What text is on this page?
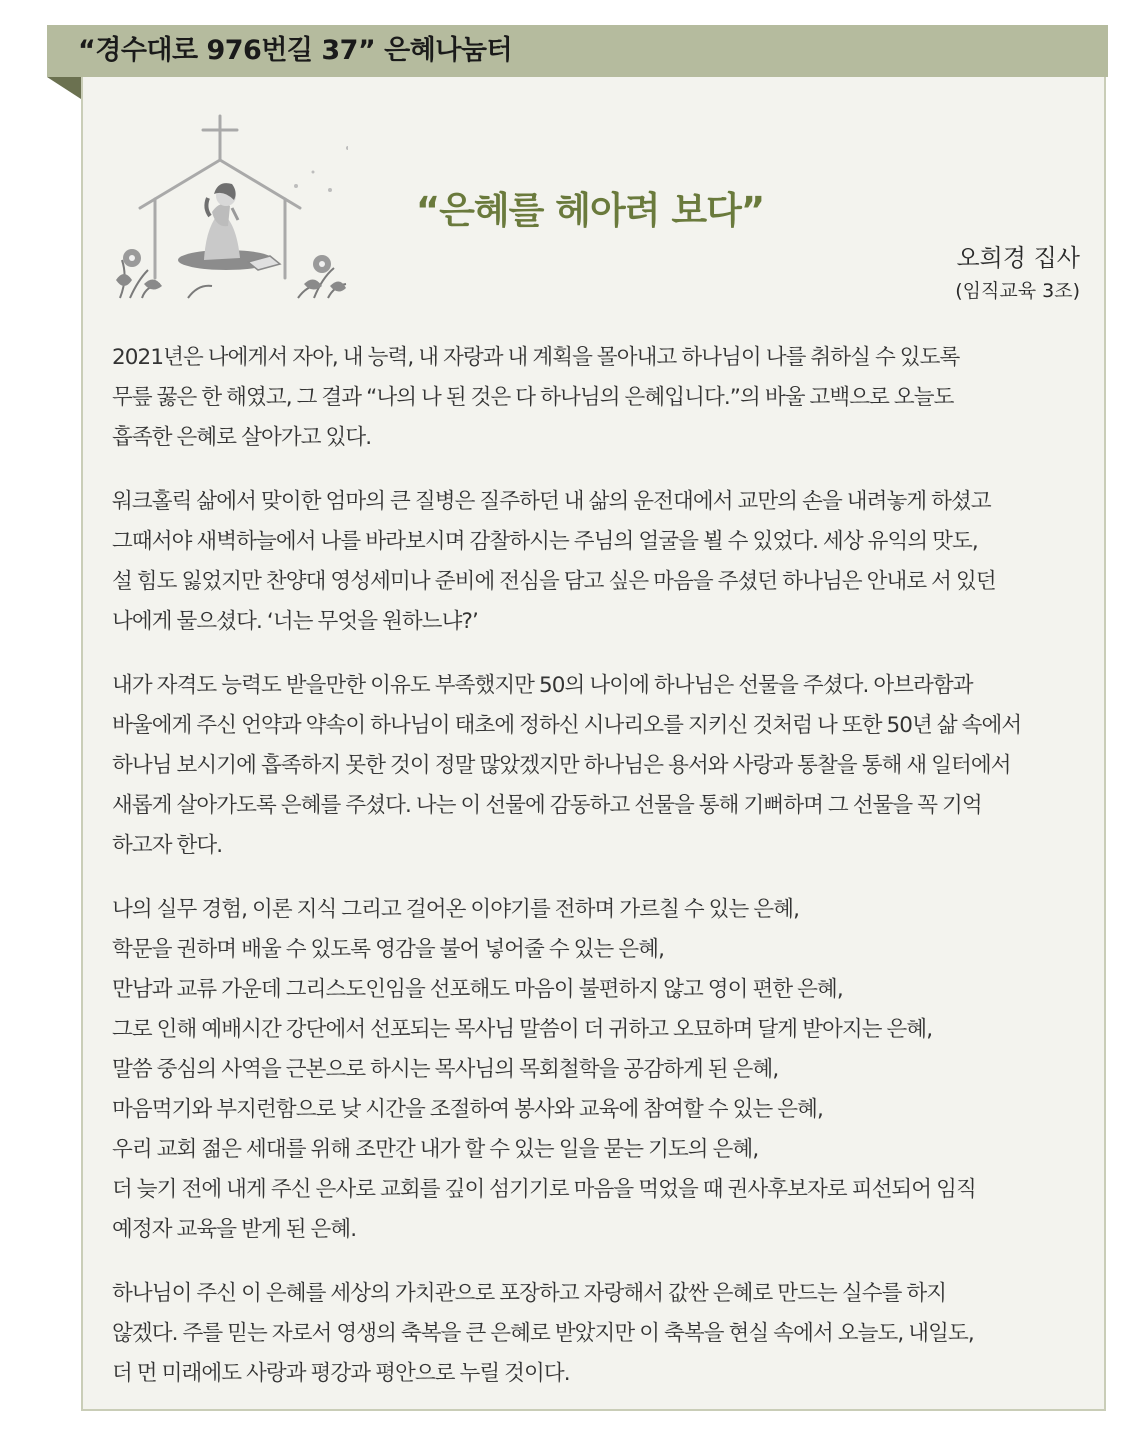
“경수대로 976번길 37” 은혜나눔터
“은혜를 헤아려 보다”
오희경 집사
(임직교육 3조)
2021년은 나에게서 자아, 내 능력, 내 자랑과 내 계획을 몰아내고 하나님이 나를 취하실 수 있도록
무릎 꿇은 한 해였고, 그 결과 “나의 나 된 것은 다 하나님의 은혜입니다.”의 바울 고백으로 오늘도
흡족한 은혜로 살아가고 있다.
워크홀릭 삶에서 맞이한 엄마의 큰 질병은 질주하던 내 삶의 운전대에서 교만의 손을 내려놓게 하셨고
그때서야 새벽하늘에서 나를 바라보시며 감찰하시는 주님의 얼굴을 뵐 수 있었다. 세상 유익의 맛도,
설 힘도 잃었지만 찬양대 영성세미나 준비에 전심을 담고 싶은 마음을 주셨던 하나님은 안내로 서 있던
나에게 물으셨다. ‘너는 무엇을 원하느냐?’
내가 자격도 능력도 받을만한 이유도 부족했지만 50의 나이에 하나님은 선물을 주셨다. 아브라함과
바울에게 주신 언약과 약속이 하나님이 태초에 정하신 시나리오를 지키신 것처럼 나 또한 50년 삶 속에서
하나님 보시기에 흡족하지 못한 것이 정말 많았겠지만 하나님은 용서와 사랑과 통찰을 통해 새 일터에서
새롭게 살아가도록 은혜를 주셨다. 나는 이 선물에 감동하고 선물을 통해 기뻐하며 그 선물을 꼭 기억
하고자 한다.
나의 실무 경험, 이론 지식 그리고 걸어온 이야기를 전하며 가르칠 수 있는 은혜,
학문을 권하며 배울 수 있도록 영감을 불어 넣어줄 수 있는 은혜,
만남과 교류 가운데 그리스도인임을 선포해도 마음이 불편하지 않고 영이 편한 은혜,
그로 인해 예배시간 강단에서 선포되는 목사님 말씀이 더 귀하고 오묘하며 달게 받아지는 은혜,
말씀 중심의 사역을 근본으로 하시는 목사님의 목회철학을 공감하게 된 은혜,
마음먹기와 부지런함으로 낮 시간을 조절하여 봉사와 교육에 참여할 수 있는 은혜,
우리 교회 젊은 세대를 위해 조만간 내가 할 수 있는 일을 묻는 기도의 은혜,
더 늦기 전에 내게 주신 은사로 교회를 깊이 섬기기로 마음을 먹었을 때 권사후보자로 피선되어 임직
예정자 교육을 받게 된 은혜.
하나님이 주신 이 은혜를 세상의 가치관으로 포장하고 자랑해서 값싼 은혜로 만드는 실수를 하지
않겠다. 주를 믿는 자로서 영생의 축복을 큰 은혜로 받았지만 이 축복을 현실 속에서 오늘도, 내일도,
더 먼 미래에도 사랑과 평강과 평안으로 누릴 것이다.
